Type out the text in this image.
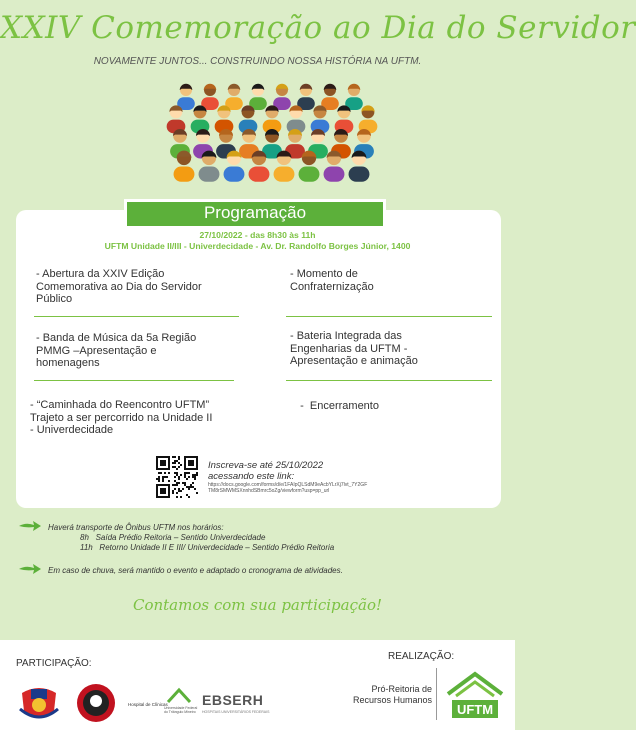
XXIV Comemoração ao Dia do Servidor
NOVAMENTE JUNTOS... CONSTRUINDO NOSSA HISTÓRIA NA UFTM.
Programação
27/10/2022 - das 8h30 às 11h
UFTM Unidade II/III - Univerdecidade - Av. Dr. Randolfo Borges Júnior, 1400
- Abertura da XXIV Edição
Comemorativa ao Dia do Servidor
Público
- Banda de Música da 5a Região
PMMG –Apresentação e
homenagens
- “Caminhada do Reencontro UFTM”
Trajeto a ser percorrido na Unidade II
- Univerdecidade
- Momento de
Confraternização
- Bateria Integrada das
Engenharias da UFTM -
Apresentação e animação
-  Encerramento
Inscreva-se até 25/10/2022
acessando este link:
https://docs.google.com/forms/d/e/1FAIpQLSdM9eAcbYLrXj7lvt_7Y2GFTM8rSMWMSXnnhdSBmrc5oZg/viewform?usp=pp_url
Haverá transporte de Ônibus UFTM nos horários:
8h   Saída Prédio Reitoria – Sentido Univerdecidade
11h   Retorno Unidade II E III/ Univerdecidade – Sentido Prédio Reitoria
Em caso de chuva, será mantido o evento e adaptado o cronograma de atividades.
Contamos com sua participação!
PARTICIPAÇÃO:
REALIZAÇÃO:
Hospital de Clínicas
Universidade Federal do Triângulo Mineiro
EBSERH
HOSPITAIS UNIVERSITÁRIOS FEDERAIS
Pró-Reitoria de
Recursos Humanos
UFTM
